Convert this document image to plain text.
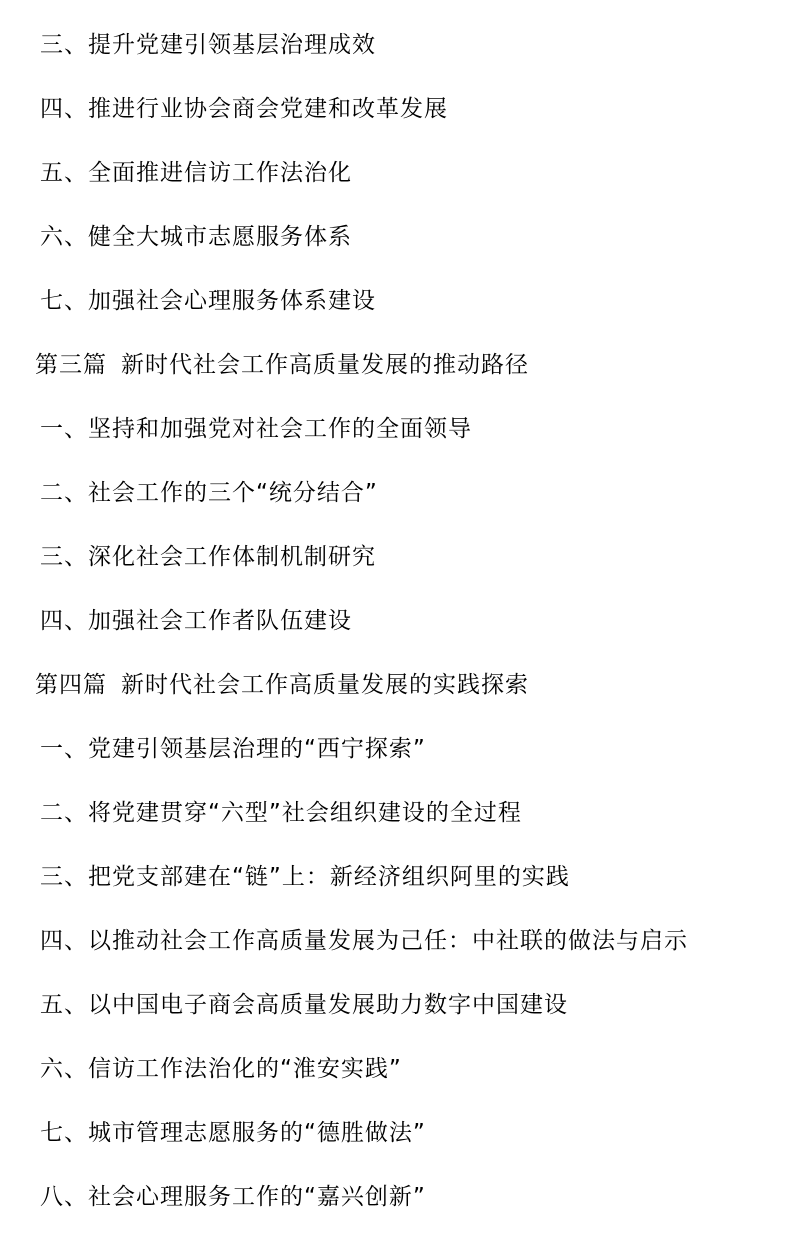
三、提升党建引领基层治理成效
四、推进行业协会商会党建和改革发展
五、全面推进信访工作法治化
六、健全大城市志愿服务体系
七、加强社会心理服务体系建设
第三篇 新时代社会工作高质量发展的推动路径
一、坚持和加强党对社会工作的全面领导
二、社会工作的三个“统分结合”
三、深化社会工作体制机制研究
四、加强社会工作者队伍建设
第四篇 新时代社会工作高质量发展的实践探索
一、党建引领基层治理的“西宁探索”
二、将党建贯穿“六型”社会组织建设的全过程
三、把党支部建在“链”上：新经济组织阿里的实践
四、以推动社会工作高质量发展为己任：中社联的做法与启示
五、以中国电子商会高质量发展助力数字中国建设
六、信访工作法治化的“淮安实践”
七、城市管理志愿服务的“德胜做法”
八、社会心理服务工作的“嘉兴创新”
